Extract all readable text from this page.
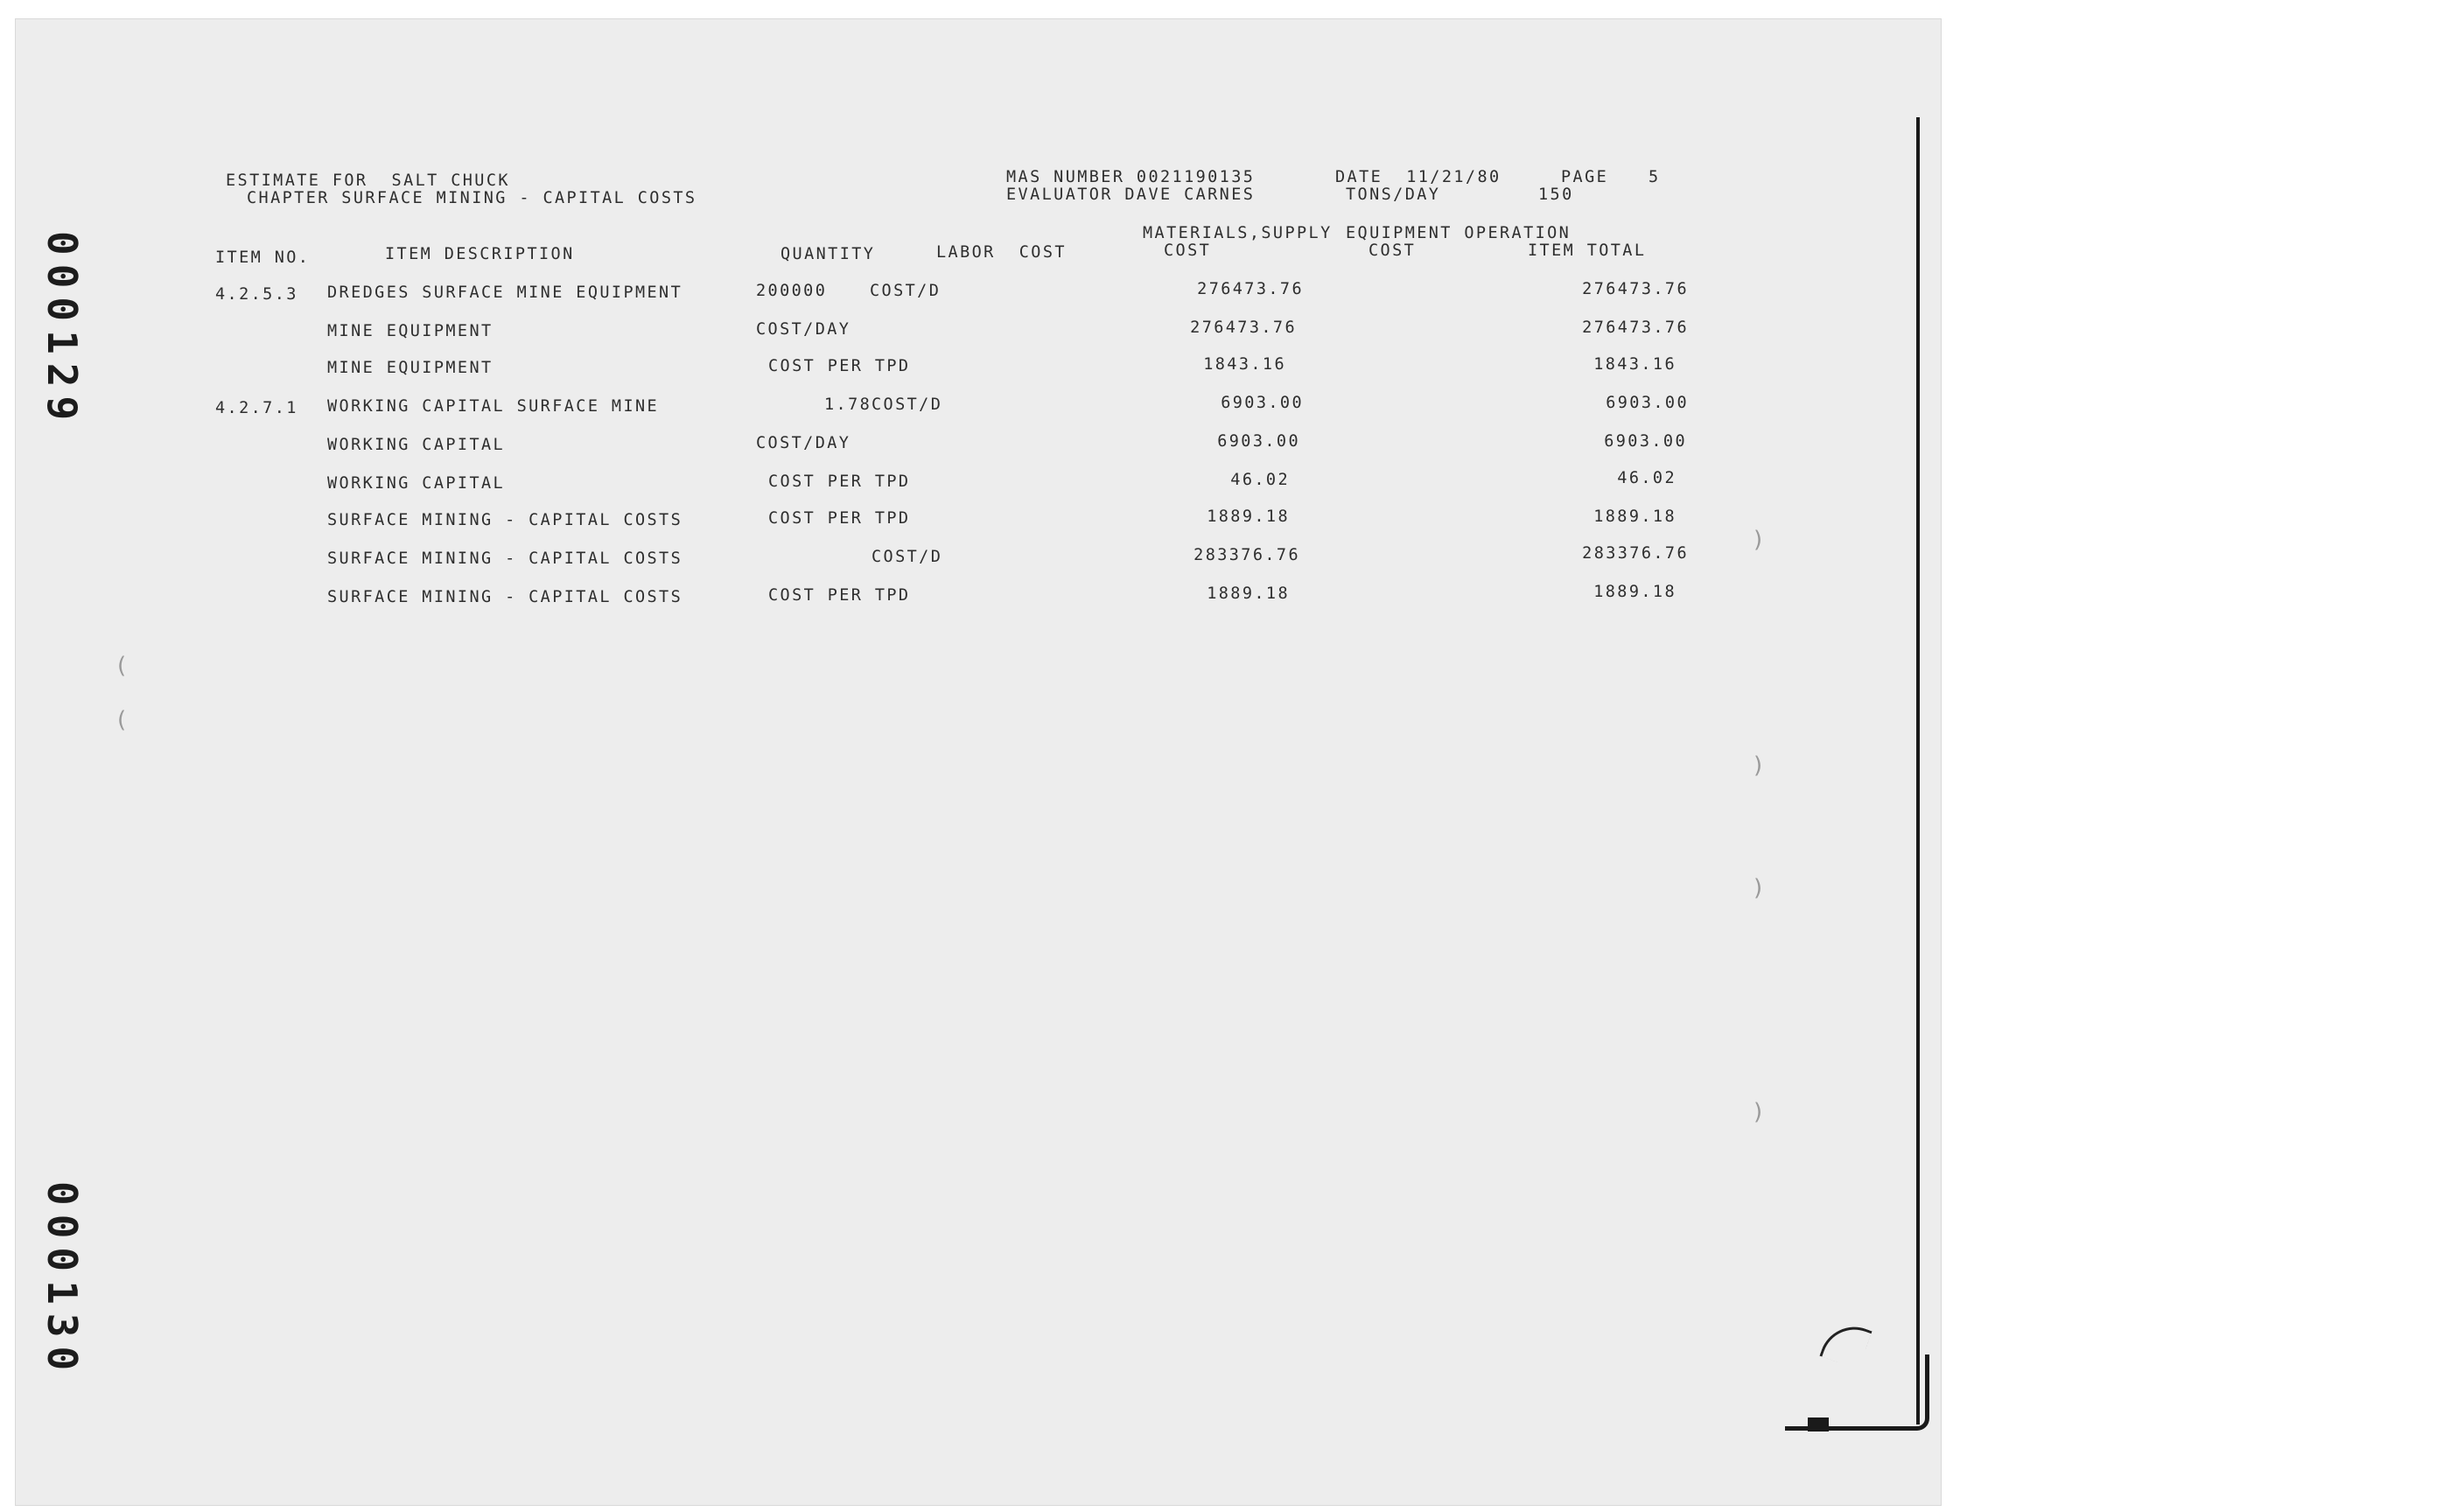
000129
000130
(
(
)
)
)
)
ESTIMATE FOR  SALT CHUCK
CHAPTER SURFACE MINING - CAPITAL COSTS
MAS NUMBER 0021190135
EVALUATOR DAVE CARNES
DATE  11/21/80
TONS/DAY	150
PAGE 5
ITEM NO.	ITEM DESCRIPTION	QUANTITY	LABOR  COST
MATERIALS,SUPPLY
COST
EQUIPMENT OPERATION
COST	ITEM TOTAL
4.2.5.3 DREDGES SURFACE MINE EQUIPMENT	200000	COST/D	276473.76	276473.76
MINE EQUIPMENT	COST/DAY	276473.76	276473.76
MINE EQUIPMENT	COST PER TPD	1843.16	1843.16
4.2.7.1 WORKING CAPITAL SURFACE MINE	1.78 COST/D	6903.00	6903.00
WORKING CAPITAL	COST/DAY	6903.00	6903.00
WORKING CAPITAL	COST PER TPD	46.02	46.02
SURFACE MINING - CAPITAL COSTS	COST PER TPD	1889.18	1889.18
SURFACE MINING - CAPITAL COSTS	COST/D	283376.76	283376.76
SURFACE MINING - CAPITAL COSTS	COST PER TPD	1889.18	1889.18
